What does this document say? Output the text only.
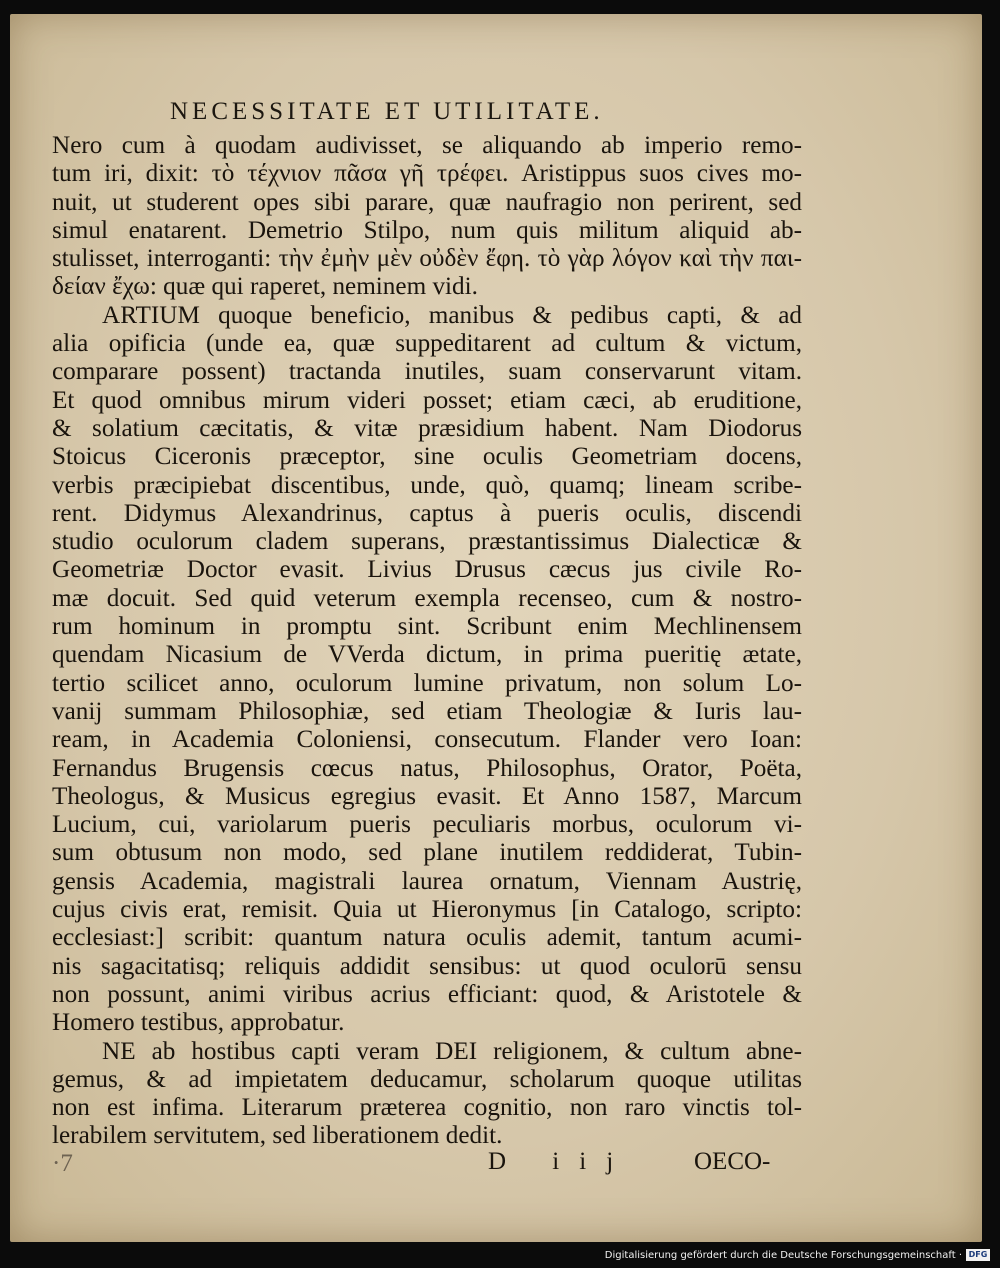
NECESSITATE ET UTILITATE.
Nero cum à quodam audivisset, se aliquando ab imperio remo-
tum iri, dixit: τὸ τέχνιον πᾶσα γῆ τρέφει. Aristippus suos cives mo-
nuit, ut studerent opes sibi parare, quæ naufragio non perirent, sed
simul enatarent. Demetrio Stilpo, num quis militum aliquid ab-
stulisset, interroganti: τὴν ἐμὴν μὲν οὐδὲν ἔφη. τὸ γὰρ λόγον καὶ τὴν παι-
δείαν ἔχω: quæ qui raperet, neminem vidi.
ARTIUM quoque beneficio, manibus & pedibus capti, & ad
alia opificia (unde ea, quæ suppeditarent ad cultum & victum,
comparare possent) tractanda inutiles, suam conservarunt vitam.
Et quod omnibus mirum videri posset; etiam cæci, ab eruditione,
& solatium cæcitatis, & vitæ præsidium habent. Nam Diodorus
Stoicus Ciceronis præceptor, sine oculis Geometriam docens,
verbis præcipiebat discentibus, unde, quò, quamq; lineam scribe-
rent. Didymus Alexandrinus, captus à pueris oculis, discendi
studio oculorum cladem superans, præstantissimus Dialecticæ &
Geometriæ Doctor evasit. Livius Drusus cæcus jus civile Ro-
mæ docuit. Sed quid veterum exempla recenseo, cum & nostro-
rum hominum in promptu sint. Scribunt enim Mechlinensem
quendam Nicasium de VVerda dictum, in prima pueritię ætate,
tertio scilicet anno, oculorum lumine privatum, non solum Lo-
vanij summam Philosophiæ, sed etiam Theologiæ & Iuris lau-
ream, in Academia Coloniensi, consecutum. Flander vero Ioan:
Fernandus Brugensis cœcus natus, Philosophus, Orator, Poëta,
Theologus, & Musicus egregius evasit. Et Anno 1587, Marcum
Lucium, cui, variolarum pueris peculiaris morbus, oculorum vi-
sum obtusum non modo, sed plane inutilem reddiderat, Tubin-
gensis Academia, magistrali laurea ornatum, Viennam Austrię,
cujus civis erat, remisit. Quia ut Hieronymus [in Catalogo, scripto:
ecclesiast:] scribit: quantum natura oculis ademit, tantum acumi-
nis sagacitatisq; reliquis addidit sensibus: ut quod oculorū sensu
non possunt, animi viribus acrius efficiant: quod, & Aristotele &
Homero testibus, approbatur.
NE ab hostibus capti veram DEI religionem, & cultum abne-
gemus, & ad impietatem deducamur, scholarum quoque utilitas
non est infima. Literarum præterea cognitio, non raro vinctis tol-
lerabilem servitutem, sed liberationem dedit.
·7	D iij OECO-
Digitalisierung gefördert durch die Deutsche Forschungsgemeinschaft · DFG
